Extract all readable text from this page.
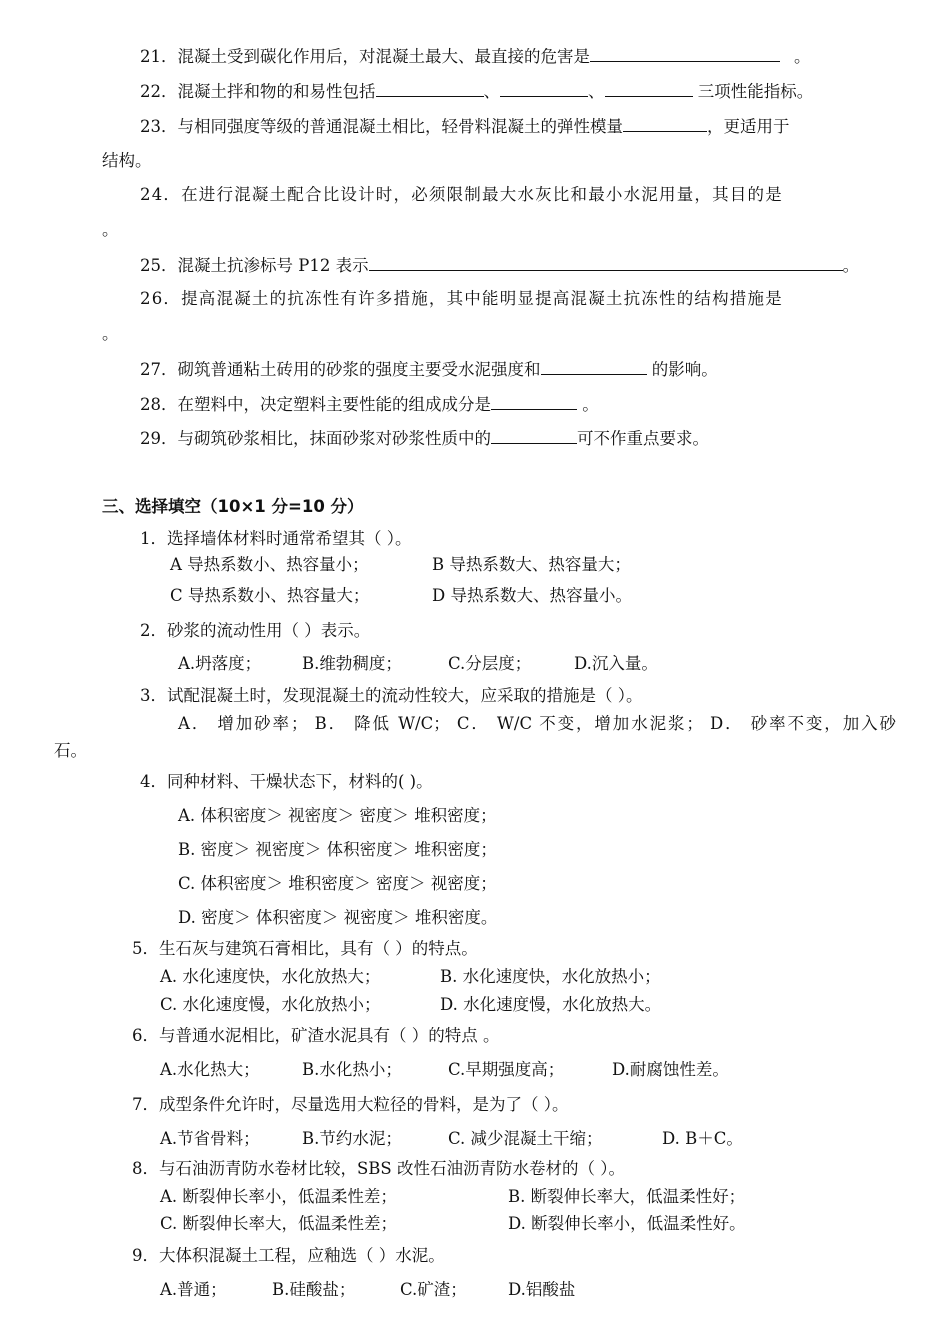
21．混凝土受到碳化作用后，对混凝土最大、最直接的危害是	。
22．混凝土拌和物的和易性包括	、	、	三项性能指标。
23．与相同强度等级的普通混凝土相比，轻骨料混凝土的弹性模量	，更适用于
结构。
24．在进行混凝土配合比设计时，必须限制最大水灰比和最小水泥用量，其目的是
。
25．混凝土抗渗标号 P12 表示	。
26．提高混凝土的抗冻性有许多措施，其中能明显提高混凝土抗冻性的结构措施是
。
27．砌筑普通粘土砖用的砂浆的强度主要受水泥强度和	的影响。
28．在塑料中，决定塑料主要性能的组成成分是	。
29．与砌筑砂浆相比，抹面砂浆对砂浆性质中的	可不作重点要求。
三、选择填空（10×1 分=10 分）
1．选择墙体材料时通常希望其（ ）。
A 导热系数小、热容量小；	B 导热系数大、热容量大；
C 导热系数小、热容量大；	D 导热系数大、热容量小。
2．砂浆的流动性用（ ）表示。
A.坍落度； B.维勃稠度；	C.分层度；	D.沉入量。
3．试配混凝土时，发现混凝土的流动性较大，应采取的措施是（ ）。
A． 增加砂率； B． 降低 W/C； C． W/C 不变，增加水泥浆； D． 砂率不变，加入砂
石。
4．同种材料、干燥状态下，材料的( )。
A. 体积密度＞ 视密度＞ 密度＞ 堆积密度；
B. 密度＞ 视密度＞ 体积密度＞ 堆积密度；
C. 体积密度＞ 堆积密度＞ 密度＞ 视密度；
D. 密度＞ 体积密度＞ 视密度＞ 堆积密度。
5．生石灰与建筑石膏相比，具有（ ）的特点。
A. 水化速度快，水化放热大；	B. 水化速度快，水化放热小；
C. 水化速度慢，水化放热小；	D. 水化速度慢，水化放热大。
6．与普通水泥相比，矿渣水泥具有（ ）的特点 。
A.水化热大；	B.水化热小；	C.早期强度高；	D.耐腐蚀性差。
7．成型条件允许时，尽量选用大粒径的骨料，是为了（ ）。
A.节省骨料；	B.节约水泥；	C. 减少混凝土干缩；	D. B＋C。
8．与石油沥青防水卷材比较，SBS 改性石油沥青防水卷材的（ ）。
A. 断裂伸长率小，低温柔性差；	B. 断裂伸长率大，低温柔性好；
C. 断裂伸长率大，低温柔性差；	D. 断裂伸长率小，低温柔性好。
9．大体积混凝土工程，应釉选（ ）水泥。
A.普通；	B.硅酸盐；	C.矿渣； D.铝酸盐
